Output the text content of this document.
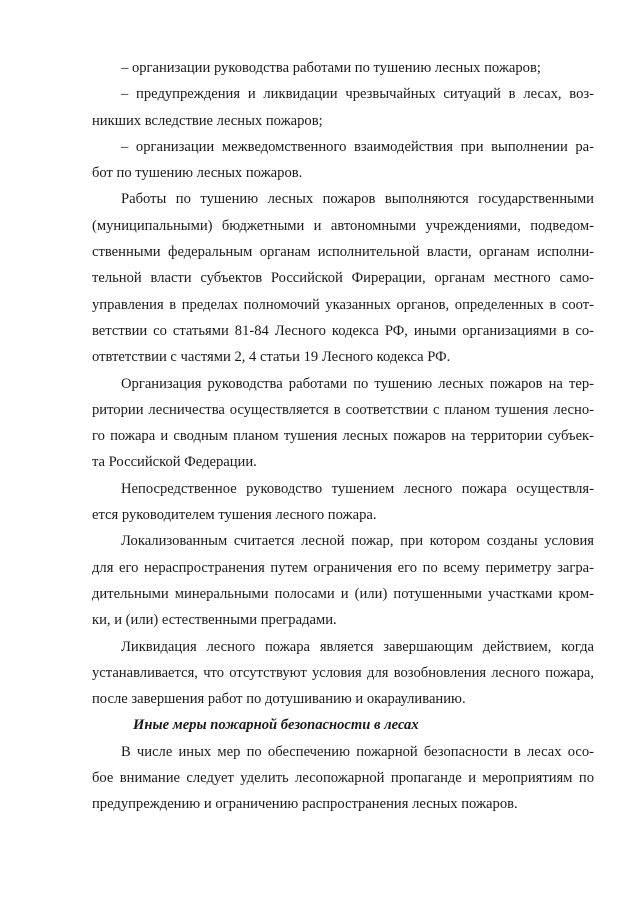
– организации руководства работами по тушению лесных пожаров;

– предупреждения и ликвидации чрезвычайных ситуаций в лесах, воз-
никших вследствие лесных пожаров;

– организации межведомственного взаимодействия при выполнении ра-
бот по тушению лесных пожаров.

Работы по тушению лесных пожаров выполняются государственными
(муниципальными) бюджетными и автономными учреждениями, подведом-
ственными федеральным органам исполнительной власти, органам исполни-
тельной власти субъектов Российской Фирерации, органам местного само-
управления в пределах полномочий указанных органов, определенных в соот-
ветствии со статьями 81-84 Лесного кодекса РФ, иными организациями в со-
отвтетствии с частями 2, 4 статьи 19 Лесного кодекса РФ.

Организация руководства работами по тушению лесных пожаров на тер-
ритории лесничества осуществляется в соответствии с планом тушения лесно-
го пожара и сводным планом тушения лесных пожаров на территории субъек-
та Российской Федерации.

Непосредственное руководство тушением лесного пожара осуществля-
ется руководителем тушения лесного пожара.

Локализованным считается лесной пожар, при котором созданы условия
для его нераспространения путем ограничения его по всему периметру загра-
дительными минеральными полосами и (или) потушенными участками кром-
ки, и (или) естественными преградами.

Ликвидация лесного пожара является завершающим действием, когда
устанавливается, что отсутствуют условия для возобновления лесного пожара,
после завершения работ по дотушиванию и окарауливанию.

Иные меры пожарной безопасности в лесах

В числе иных мер по обеспечению пожарной безопасности в лесах осо-
бое внимание следует уделить лесопожарной пропаганде и мероприятиям по
предупреждению и ограничению распространения лесных пожаров.
